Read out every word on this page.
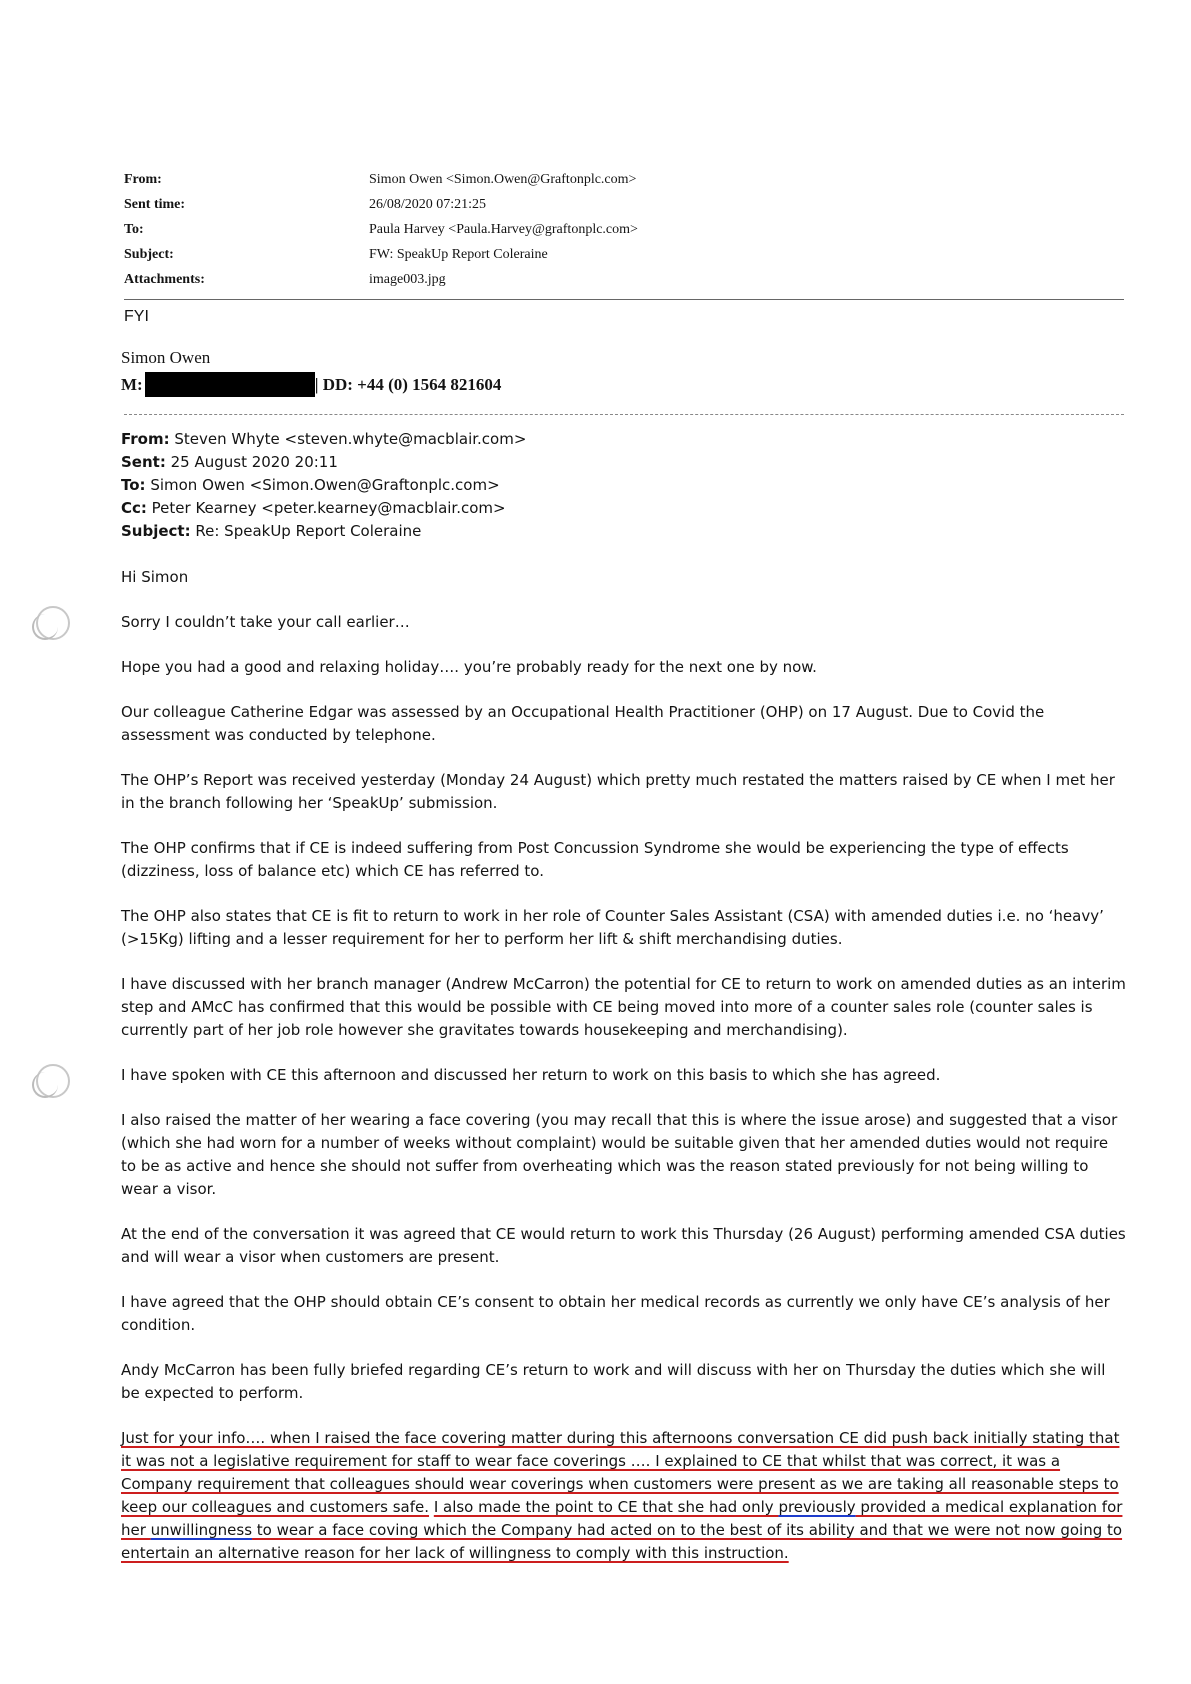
From:	Simon Owen <Simon.Owen@Graftonplc.com>
Sent time:	26/08/2020 07:21:25
To:	Paula Harvey <Paula.Harvey@graftonplc.com>
Subject:	FW: SpeakUp Report Coleraine
Attachments:	image003.jpg
FYI
Simon Owen
M:	| DD: +44 (0) 1564 821604
From: Steven Whyte <steven.whyte@macblair.com>
Sent: 25 August 2020 20:11
To: Simon Owen <Simon.Owen@Graftonplc.com>
Cc: Peter Kearney <peter.kearney@macblair.com>
Subject: Re: SpeakUp Report Coleraine

Hi Simon

Sorry I couldn’t take your call earlier…

Hope you had a good and relaxing holiday…. you’re probably ready for the next one by now.

Our colleague Catherine Edgar was assessed by an Occupational Health Practitioner (OHP) on 17 August. Due to Covid the assessment was conducted by telephone.

The OHP’s Report was received yesterday (Monday 24 August) which pretty much restated the matters raised by CE when I met her in the branch following her ‘SpeakUp’ submission.

The OHP confirms that if CE is indeed suffering from Post Concussion Syndrome she would be experiencing the type of effects (dizziness, loss of balance etc) which CE has referred to.

The OHP also states that CE is fit to return to work in her role of Counter Sales Assistant (CSA) with amended duties i.e. no ‘heavy’ (>15Kg) lifting and a lesser requirement for her to perform her lift & shift merchandising duties.

I have discussed with her branch manager (Andrew McCarron) the potential for CE to return to work on amended duties as an interim step and AMcC has confirmed that this would be possible with CE being moved into more of a counter sales role (counter sales is currently part of her job role however she gravitates towards housekeeping and merchandising).

I have spoken with CE this afternoon and discussed her return to work on this basis to which she has agreed.

I also raised the matter of her wearing a face covering (you may recall that this is where the issue arose) and suggested that a visor (which she had worn for a number of weeks without complaint) would be suitable given that her amended duties would not require to be as active and hence she should not suffer from overheating which was the reason stated previously for not being willing to wear a visor.

At the end of the conversation it was agreed that CE would return to work this Thursday (26 August) performing amended CSA duties and will wear a visor when customers are present.

I have agreed that the OHP should obtain CE’s consent to obtain her medical records as currently we only have CE’s analysis of her condition.

Andy McCarron has been fully briefed regarding CE’s return to work and will discuss with her on Thursday the duties which she will be expected to perform.

Just for your info…. when I raised the face covering matter during this afternoons conversation CE did push back initially stating that it was not a legislative requirement for staff to wear face coverings …. I explained to CE that whilst that was correct, it was a Company requirement that colleagues should wear coverings when customers were present as we are taking all reasonable steps to keep our colleagues and customers safe. I also made the point to CE that she had only previously provided a medical explanation for her unwillingness to wear a face coving which the Company had acted on to the best of its ability and that we were not now going to entertain an alternative reason for her lack of willingness to comply with this instruction.
